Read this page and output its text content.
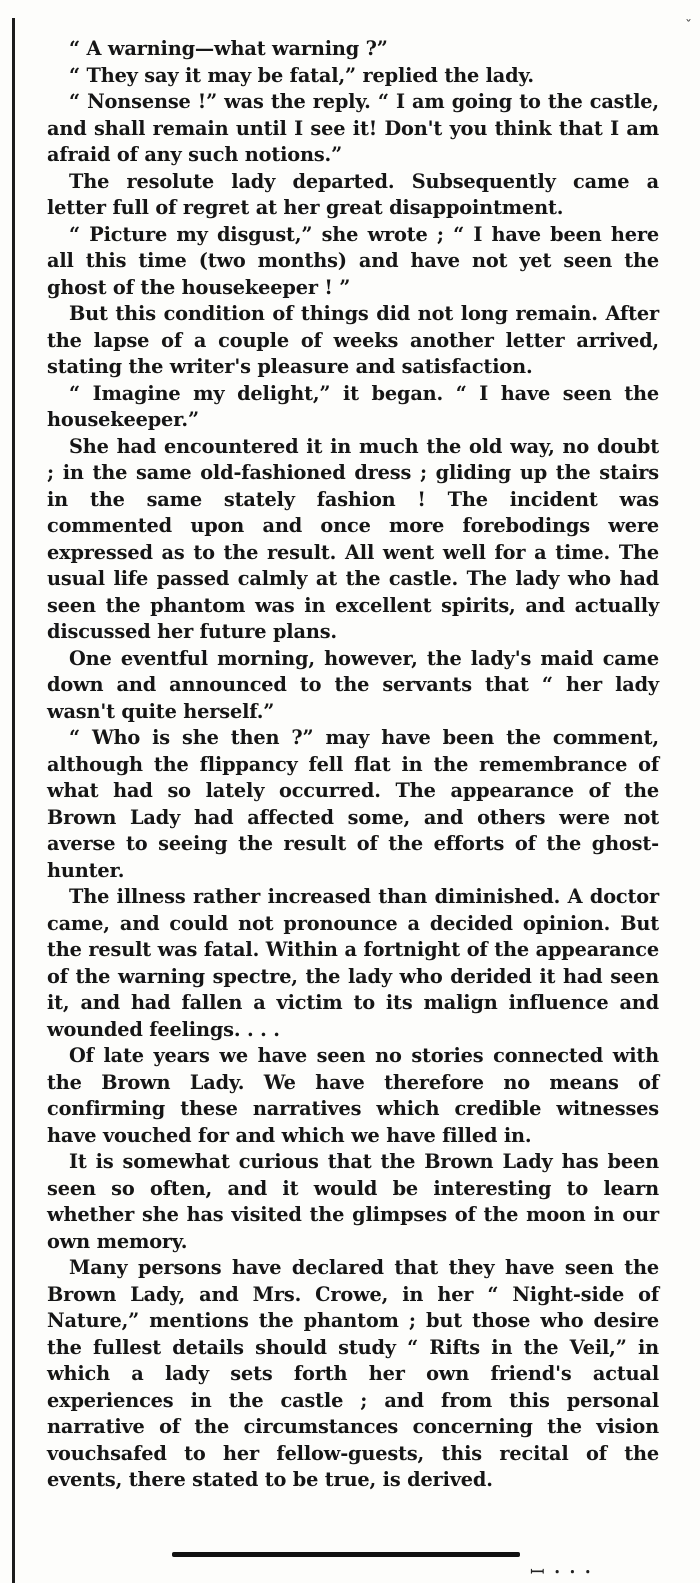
ˇ

“ A warning—what warning ?”

“ They say it may be fatal,” replied the lady.

“ Nonsense !” was the reply. “ I am going to the castle, and shall remain until I see it! Don't you think that I am afraid of any such notions.”

The resolute lady departed. Subsequently came a letter full of regret at her great disappointment.

“ Picture my disgust,” she wrote ; “ I have been here all this time (two months) and have not yet seen the ghost of the housekeeper ! ”

But this condition of things did not long remain. After the lapse of a couple of weeks another letter arrived, stating the writer's pleasure and satisfaction.

“ Imagine my delight,” it began. “ I have seen the housekeeper.”

She had encountered it in much the old way, no doubt ; in the same old-fashioned dress ; gliding up the stairs in the same stately fashion ! The incident was commented upon and once more forebodings were expressed as to the result. All went well for a time. The usual life passed calmly at the castle. The lady who had seen the phantom was in excellent spirits, and actually discussed her future plans.

One eventful morning, however, the lady's maid came down and announced to the servants that “ her lady wasn't quite herself.”

“ Who is she then ?” may have been the comment, although the flippancy fell flat in the remembrance of what had so lately occurred. The appearance of the Brown Lady had affected some, and others were not averse to seeing the result of the efforts of the ghost-hunter.

The illness rather increased than diminished. A doctor came, and could not pronounce a decided opinion. But the result was fatal. Within a fortnight of the appearance of the warning spectre, the lady who derided it had seen it, and had fallen a victim to its malign influence and wounded feelings. . . .

Of late years we have seen no stories connected with the Brown Lady. We have therefore no means of confirming these narratives which credible witnesses have vouched for and which we have filled in.

It is somewhat curious that the Brown Lady has been seen so often, and it would be interesting to learn whether she has visited the glimpses of the moon in our own memory.

Many persons have declared that they have seen the Brown Lady, and Mrs. Crowe, in her “ Night-side of Nature,” mentions the phantom ; but those who desire the fullest details should study “ Rifts in the Veil,” in which a lady sets forth her own friend's actual experiences in the castle ; and from this personal narrative of the circumstances concerning the vision vouchsafed to her fellow-guests, this recital of the events, there stated to be true, is derived.

ꟷ ꞏ ꞏ ꞏ
